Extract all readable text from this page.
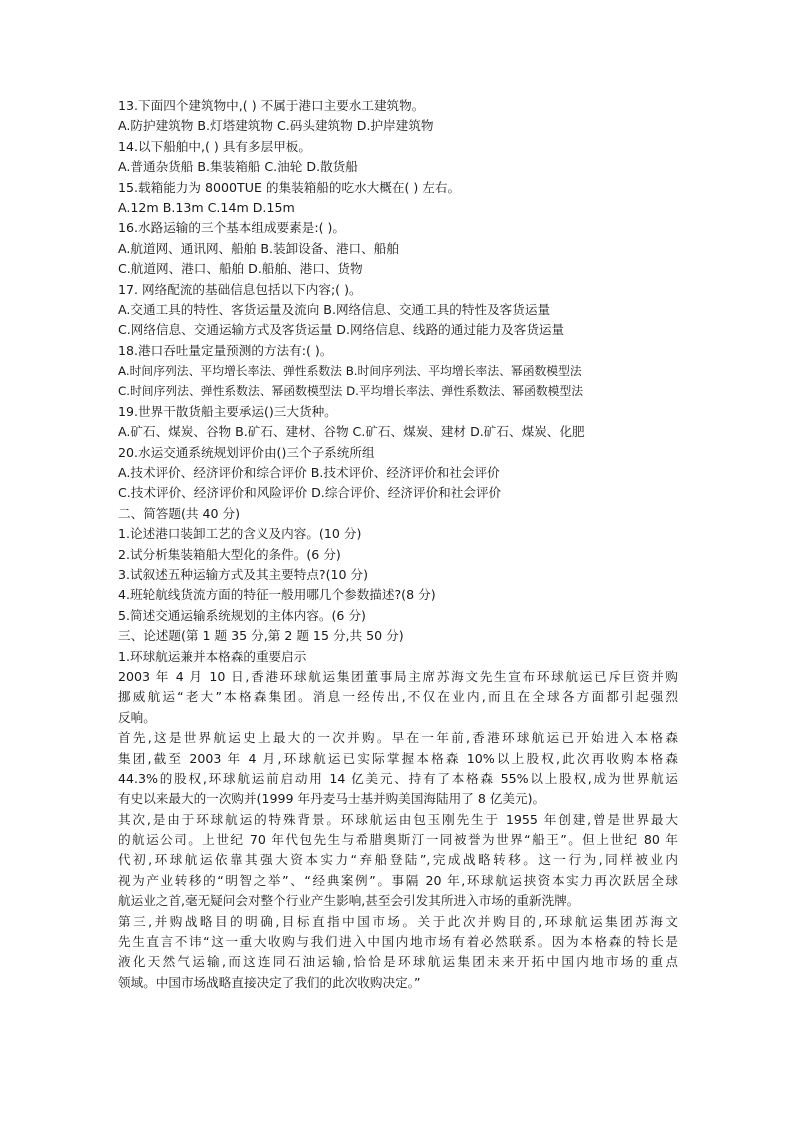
13.下面四个建筑物中,( ) 不属于港口主要水工建筑物。
A.防护建筑物 B.灯塔建筑物 C.码头建筑物 D.护岸建筑物
14.以下船舶中,( ) 具有多层甲板。
A.普通杂货船 B.集装箱船 C.油轮 D.散货船
15.载箱能力为 8000TUE 的集装箱船的吃水大概在( ) 左右。
A.12m B.13m C.14m D.15m
16.水路运输的三个基本组成要素是:( )。
A.航道网、通讯网、船舶 B.装卸设备、港口、船舶
C.航道网、港口、船舶 D.船舶、港口、货物
17. 网络配流的基础信息包括以下内容;( )。
A.交通工具的特性、客货运量及流向 B.网络信息、交通工具的特性及客货运量
C.网络信息、交通运输方式及客货运量 D.网络信息、线路的通过能力及客货运量
18.港口吞吐量定量预测的方法有:( )。
A.时间序列法、平均增长率法、弹性系数法 B.时间序列法、平均增长率法、幂函数模型法
C.时间序列法、弹性系数法、幂函数模型法 D.平均增长率法、弹性系数法、幂函数模型法
19.世界干散货船主要承运()三大货种。
A.矿石、煤炭、谷物 B.矿石、建材、谷物 C.矿石、煤炭、建材 D.矿石、煤炭、化肥
20.水运交通系统规划评价由()三个子系统所组
A.技术评价、经济评价和综合评价 B.技术评价、经济评价和社会评价
C.技术评价、经济评价和风险评价 D.综合评价、经济评价和社会评价
二、简答题(共 40 分)
1.论述港口装卸工艺的含义及内容。(10 分)
2.试分析集装箱船大型化的条件。(6 分)
3.试叙述五种运输方式及其主要特点?(10 分)
4.班轮航线货流方面的特征一般用哪几个参数描述?(8 分)
5.简述交通运输系统规划的主体内容。(6 分)
三、论述题(第 1 题 35 分,第 2 题 15 分,共 50 分)
1.环球航运兼并本格森的重要启示
2003 年 4 月 10 日,香港环球航运集团董事局主席苏海文先生宣布环球航运已斥巨资并购
挪威航运“老大”本格森集团。消息一经传出,不仅在业内,而且在全球各方面都引起强烈
反响。
首先,这是世界航运史上最大的一次并购。早在一年前,香港环球航运已开始进入本格森
集团,截至 2003 年 4 月,环球航运已实际掌握本格森 10%以上股权,此次再收购本格森
44.3%的股权,环球航运前启动用 14 亿美元、持有了本格森 55%以上股权,成为世界航运
有史以来最大的一次购并(1999 年丹麦马士基并购美国海陆用了 8 亿美元)。
其次,是由于环球航运的特殊背景。环球航运由包玉刚先生于 1955 年创建,曾是世界最大
的航运公司。上世纪 70 年代包先生与希腊奥斯汀一同被誉为世界“船王”。但上世纪 80 年
代初,环球航运依靠其强大资本实力“弃船登陆”,完成战略转移。这一行为,同样被业内
视为产业转移的“明智之举”、“经典案例”。事隔 20 年,环球航运挟资本实力再次跃居全球
航运业之首,毫无疑问会对整个行业产生影响,甚至会引发其所进入市场的重新洗牌。
第三,并购战略目的明确,目标直指中国市场。关于此次并购目的,环球航运集团苏海文
先生直言不讳“这一重大收购与我们进入中国内地市场有着必然联系。因为本格森的特长是
液化天然气运输,而这连同石油运输,恰恰是环球航运集团未来开拓中国内地市场的重点
领域。中国市场战略直接决定了我们的此次收购决定。”
